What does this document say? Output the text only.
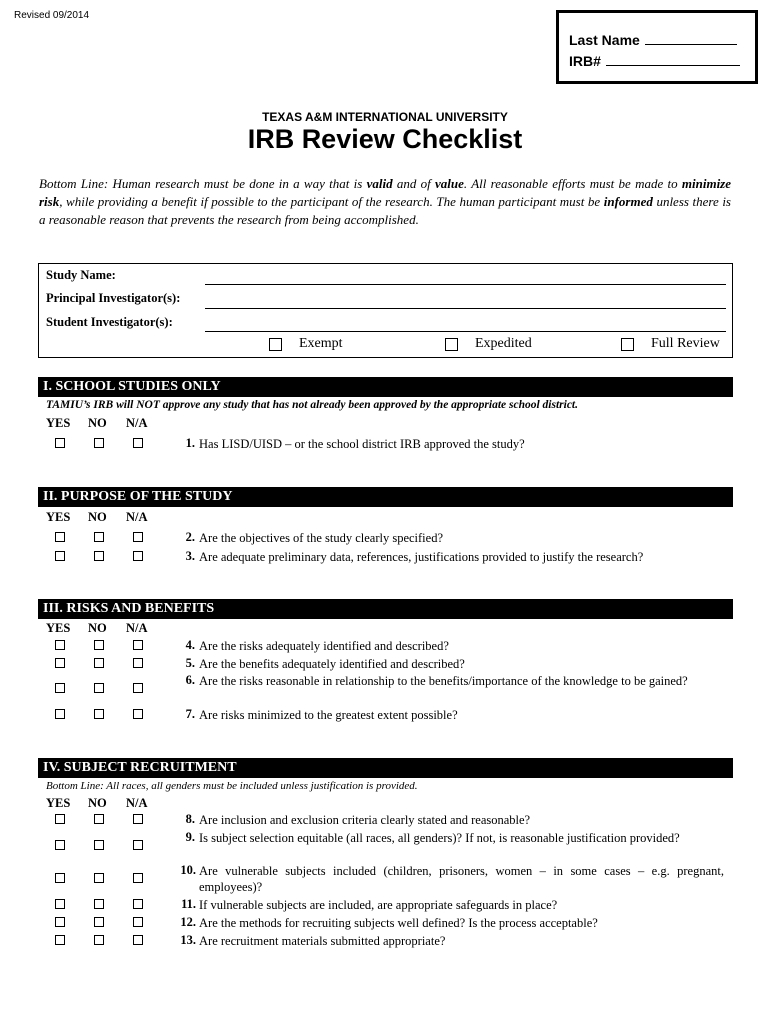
Revised 09/2014
Last Name
IRB#
TEXAS A&M INTERNATIONAL UNIVERSITY
IRB Review Checklist

Bottom Line: Human research must be done in a way that is valid and of value. All reasonable efforts must be made to minimize risk, while providing a benefit if possible to the participant of the research. The human participant must be informed unless there is a reasonable reason that prevents the research from being accomplished.

Study Name:
Principal Investigator(s):
Student Investigator(s):
Exempt	Expedited	Full Review
I. SCHOOL STUDIES ONLY
TAMIU’s IRB will NOT approve any study that has not already been approved by the appropriate school district.
YES NO N/A
1. Has LISD/UISD – or the school district IRB approved the study?
II. PURPOSE OF THE STUDY
YES NO N/A
2. Are the objectives of the study clearly specified?
3. Are adequate preliminary data, references, justifications provided to justify the research?
III. RISKS AND BENEFITS
YES NO N/A
4. Are the risks adequately identified and described?
5. Are the benefits adequately identified and described?
6. Are the risks reasonable in relationship to the benefits/importance of the knowledge to be gained?
7. Are risks minimized to the greatest extent possible?
IV. SUBJECT RECRUITMENT
Bottom Line: All races, all genders must be included unless justification is provided.
YES NO N/A
8. Are inclusion and exclusion criteria clearly stated and reasonable?
9. Is subject selection equitable (all races, all genders)? If not, is reasonable justification provided?
10. Are vulnerable subjects included (children, prisoners, women – in some cases – e.g. pregnant, employees)?
11. If vulnerable subjects are included, are appropriate safeguards in place?
12. Are the methods for recruiting subjects well defined? Is the process acceptable?
13. Are recruitment materials submitted appropriate?
